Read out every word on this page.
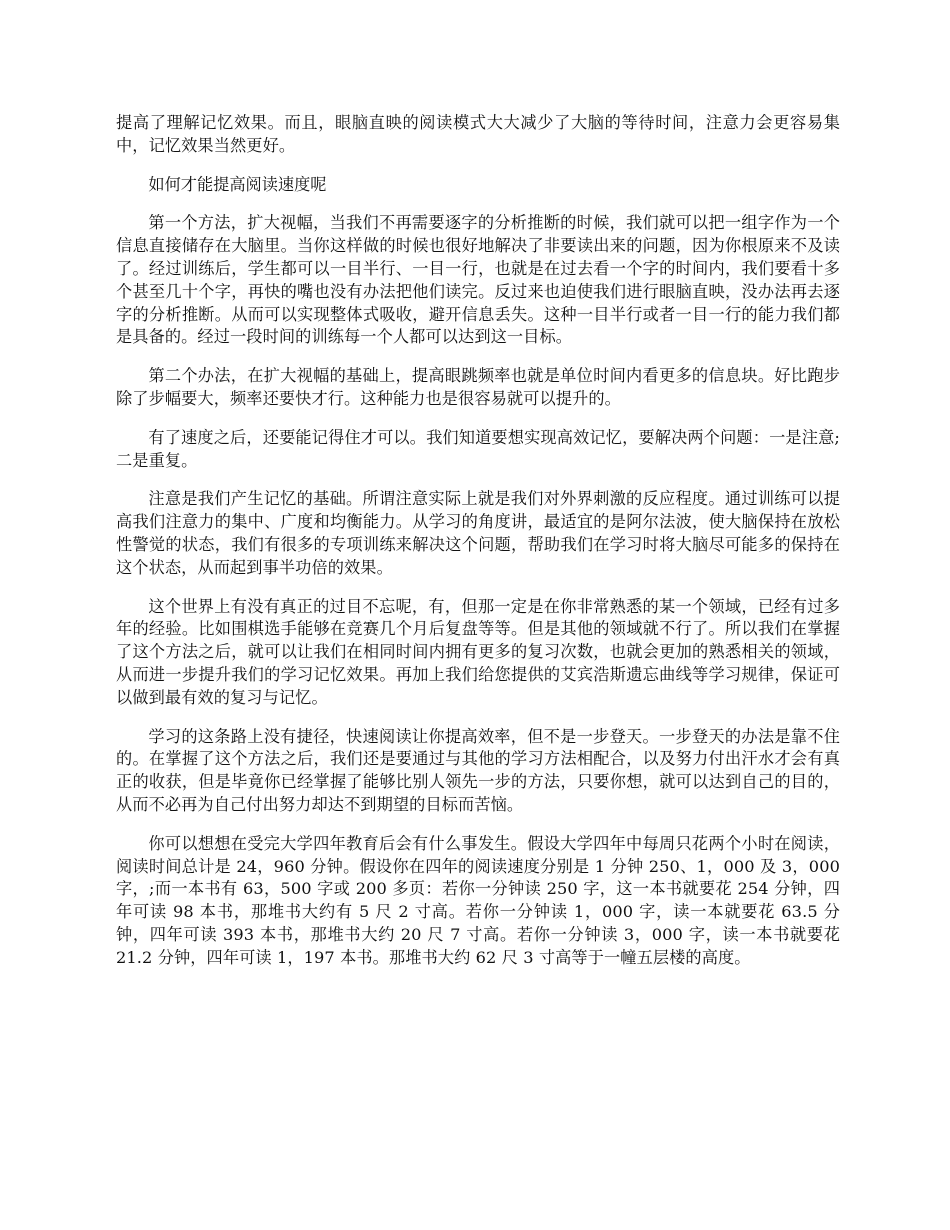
提高了理解记忆效果。而且，眼脑直映的阅读模式大大减少了大脑的等待时间，注意力会更容易集中，记忆效果当然更好。

如何才能提高阅读速度呢

第一个方法，扩大视幅，当我们不再需要逐字的分析推断的时候，我们就可以把一组字作为一个信息直接储存在大脑里。当你这样做的时候也很好地解决了非要读出来的问题，因为你根原来不及读了。经过训练后，学生都可以一目半行、一目一行，也就是在过去看一个字的时间内，我们要看十多个甚至几十个字，再快的嘴也没有办法把他们读完。反过来也迫使我们进行眼脑直映，没办法再去逐字的分析推断。从而可以实现整体式吸收，避开信息丢失。这种一目半行或者一目一行的能力我们都是具备的。经过一段时间的训练每一个人都可以达到这一目标。

第二个办法，在扩大视幅的基础上，提高眼跳频率也就是单位时间内看更多的信息块。好比跑步除了步幅要大，频率还要快才行。这种能力也是很容易就可以提升的。

有了速度之后，还要能记得住才可以。我们知道要想实现高效记忆，要解决两个问题：一是注意;二是重复。

注意是我们产生记忆的基础。所谓注意实际上就是我们对外界刺激的反应程度。通过训练可以提高我们注意力的集中、广度和均衡能力。从学习的角度讲，最适宜的是阿尔法波，使大脑保持在放松性警觉的状态，我们有很多的专项训练来解决这个问题，帮助我们在学习时将大脑尽可能多的保持在这个状态，从而起到事半功倍的效果。

这个世界上有没有真正的过目不忘呢，有，但那一定是在你非常熟悉的某一个领域，已经有过多年的经验。比如围棋选手能够在竞赛几个月后复盘等等。但是其他的领域就不行了。所以我们在掌握了这个方法之后，就可以让我们在相同时间内拥有更多的复习次数，也就会更加的熟悉相关的领域，从而进一步提升我们的学习记忆效果。再加上我们给您提供的艾宾浩斯遗忘曲线等学习规律，保证可以做到最有效的复习与记忆。

学习的这条路上没有捷径，快速阅读让你提高效率，但不是一步登天。一步登天的办法是靠不住的。在掌握了这个方法之后，我们还是要通过与其他的学习方法相配合，以及努力付出汗水才会有真正的收获，但是毕竟你已经掌握了能够比别人领先一步的方法，只要你想，就可以达到自己的目的，从而不必再为自己付出努力却达不到期望的目标而苦恼。

你可以想想在受完大学四年教育后会有什么事发生。假设大学四年中每周只花两个小时在阅读，阅读时间总计是 24，960 分钟。假设你在四年的阅读速度分别是 1 分钟 250、1，000 及 3，000 字，;而一本书有 63，500 字或 200 多页：若你一分钟读 250 字，这一本书就要花 254 分钟，四年可读 98 本书，那堆书大约有 5 尺 2 寸高。若你一分钟读 1，000 字，读一本就要花 63.5 分钟，四年可读 393 本书，那堆书大约 20 尺 7 寸高。若你一分钟读 3，000 字，读一本书就要花 21.2 分钟，四年可读 1，197 本书。那堆书大约 62 尺 3 寸高等于一幢五层楼的高度。
